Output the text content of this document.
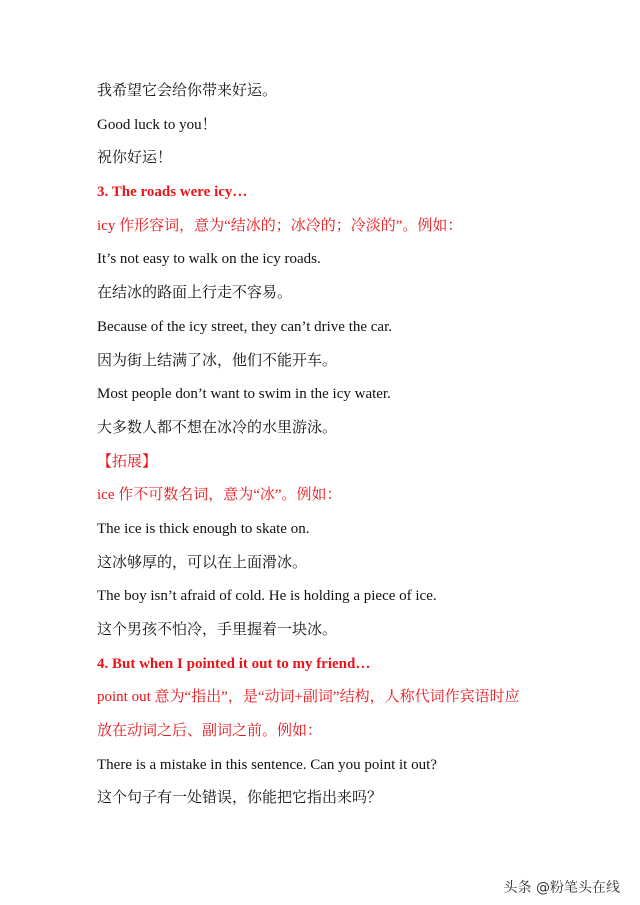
我希望它会给你带来好运。
Good luck to you！
祝你好运！
3. The roads were icy…
icy 作形容词，意为“结冰的；冰冷的；冷淡的”。例如：
It’s not easy to walk on the icy roads.
在结冰的路面上行走不容易。
Because of the icy street, they can’t drive the car.
因为街上结满了冰，他们不能开车。
Most people don’t want to swim in the icy water.
大多数人都不想在冰冷的水里游泳。
【拓展】
ice 作不可数名词，意为“冰”。例如：
The ice is thick enough to skate on.
这冰够厚的，可以在上面滑冰。
The boy isn’t afraid of cold. He is holding a piece of ice.
这个男孩不怕冷，手里握着一块冰。
4. But when I pointed it out to my friend…
point out 意为“指出”，是“动词+副词”结构，人称代词作宾语时应
放在动词之后、副词之前。例如：
There is a mistake in this sentence. Can you point it out?
这个句子有一处错误，你能把它指出来吗？
头条 @粉笔头在线
